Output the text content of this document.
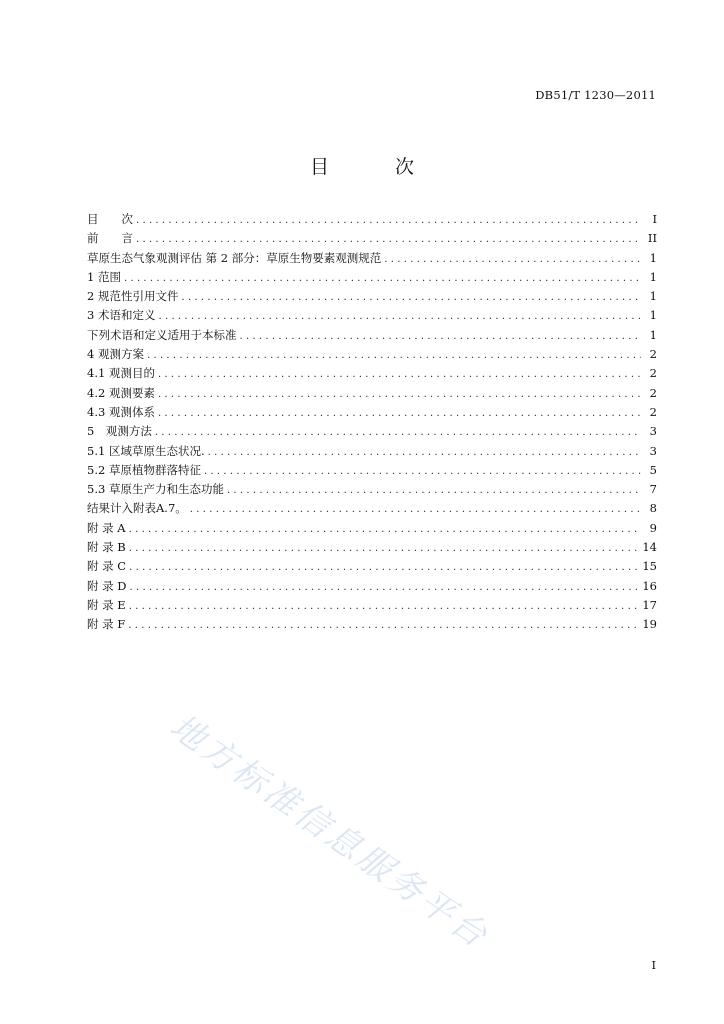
DB51/T 1230—2011
目 次
目　　次 .....	I
前　　言 .....	II
草原生态气象观测评估 第 2 部分：草原生物要素观测规范 .....	1
1 范围 .....	1
2 规范性引用文件 .....	1
3 术语和定义 .....	1
下列术语和定义适用于本标准 .....	1
4 观测方案 .....	2
4.1 观测目的 .....	2
4.2 观测要素 .....	2
4.3 观测体系 .....	2
5　观测方法 .....	3
5.1 区域草原生态状况. .....	3
5.2 草原植物群落特征 .....	5
5.3 草原生产力和生态功能 .....	7
结果计入附表A.7。 .....	8
附 录 A .....	9
附 录 B .....	14
附 录 C .....	15
附 录 D .....	16
附 录 E .....	17
附 录 F .....	19
地方标准信息服务平台
I
